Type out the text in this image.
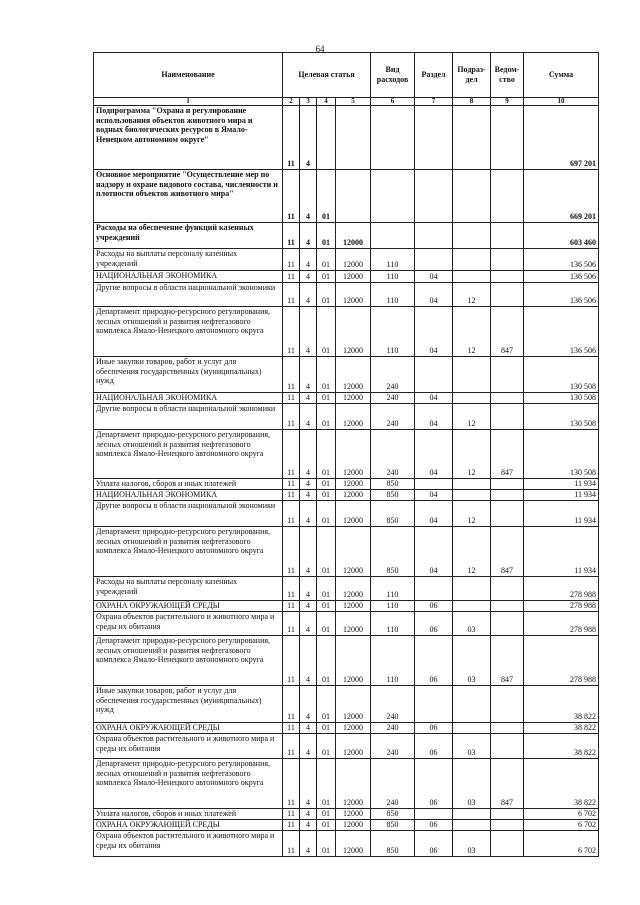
64
Наименование	Целевая статья				Вид расходов	Раздел	Подраз-дел	Ведом-ство	Сумма
1	2	3	4	5	6	7	8	9	10
Подпрограмма "Охрана и регулирование использования объектов животного мира и водных биологических ресурсов в Ямало-Ненецком автономном округе"	11	4							697 201
Основное мероприятие "Осуществление мер по надзору и охране видового состава, численности и плотности объектов животного мира"	11	4	01						669 201
Расходы на обеспечение функций казенных учреждений	11	4	01	12000					603 460
Расходы на выплаты персоналу казенных учреждений	11	4	01	12000	110				136 506
НАЦИОНАЛЬНАЯ ЭКОНОМИКА	11	4	01	12000	110	04			136 506
Другие вопросы в области национальной экономики	11	4	01	12000	110	04	12		136 506
Департамент природно-ресурсного регулирования, лесных отношений и развития нефтегазового комплекса Ямало-Ненецкого автономного округа	11	4	01	12000	110	04	12	847	136 506
Иные закупки товаров, работ и услуг для обеспечения государственных (муниципальных) нужд	11	4	01	12000	240				130 508
НАЦИОНАЛЬНАЯ ЭКОНОМИКА	11	4	01	12000	240	04			130 508
Другие вопросы в области национальной экономики	11	4	01	12000	240	04	12		130 508
Департамент природно-ресурсного регулирования, лесных отношений и развития нефтегазового комплекса Ямало-Ненецкого автономного округа	11	4	01	12000	240	04	12	847	130 508
Уплата налогов, сборов и иных платежей	11	4	01	12000	850				11 934
НАЦИОНАЛЬНАЯ ЭКОНОМИКА	11	4	01	12000	850	04			11 934
Другие вопросы в области национальной экономики	11	4	01	12000	850	04	12		11 934
Департамент природно-ресурсного регулирования, лесных отношений и развития нефтегазового комплекса Ямало-Ненецкого автономного округа	11	4	01	12000	850	04	12	847	11 934
Расходы на выплаты персоналу казенных учреждений	11	4	01	12000	110				278 988
ОХРАНА ОКРУЖАЮЩЕЙ СРЕДЫ	11	4	01	12000	110	06			278 988
Охрана объектов растительного и животного мира и среды их обитания	11	4	01	12000	110	06	03		278 988
Департамент природно-ресурсного регулирования, лесных отношений и развития нефтегазового комплекса Ямало-Ненецкого автономного округа	11	4	01	12000	110	06	03	847	278 988
Иные закупки товаров, работ и услуг для обеспечения государственных (муниципальных) нужд	11	4	01	12000	240				38 822
ОХРАНА ОКРУЖАЮЩЕЙ СРЕДЫ	11	4	01	12000	240	06			38 822
Охрана объектов растительного и животного мира и среды их обитания	11	4	01	12000	240	06	03		38 822
Департамент природно-ресурсного регулирования, лесных отношений и развития нефтегазового комплекса Ямало-Ненецкого автономного округа	11	4	01	12000	240	06	03	847	38 822
Уплата налогов, сборов и иных платежей	11	4	01	12000	850				6 702
ОХРАНА ОКРУЖАЮЩЕЙ СРЕДЫ	11	4	01	12000	850	06			6 702
Охрана объектов растительного и животного мира и среды их обитания	11	4	01	12000	850	06	03		6 702
